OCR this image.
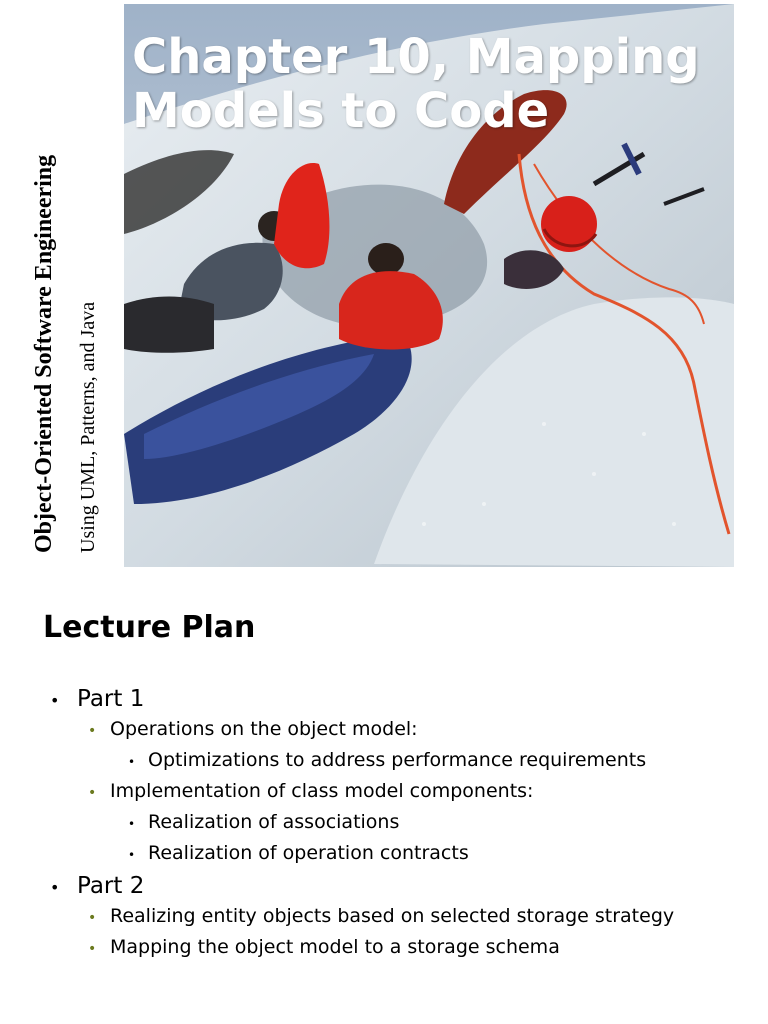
Object-Oriented Software Engineering Using UML, Patterns, and Java
Chapter 10, Mapping Models to Code
Lecture Plan
• Part 1
• Operations on the object model:
• Optimizations to address performance requirements
• Implementation of class model components:
• Realization of associations
• Realization of operation contracts
• Part 2
• Realizing entity objects based on selected storage strategy
• Mapping the object model to a storage schema
